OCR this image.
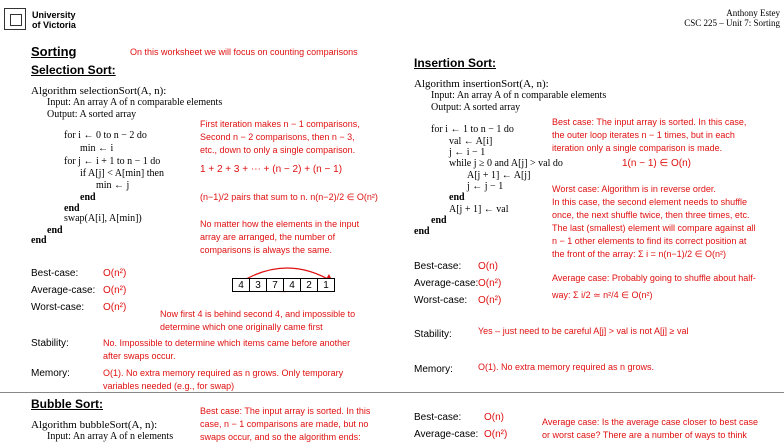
University
of Victoria
Anthony Estey
CSC 225 – Unit 7: Sorting
Sorting	On this worksheet we will focus on counting comparisons
Selection Sort:
Algorithm selectionSort(A, n):
Input: An array A of n comparable elements
Output: A sorted array
for i ← 0 to n − 2 do
min ← i
for j ← i + 1 to n − 1 do
if A[j] < A[min] then
min ← j
end
end
swap(A[i], A[min])
end
end
First iteration makes n − 1 comparisons,
Second n − 2 comparisons, then n − 3,
etc., down to only a single comparison.
1 + 2 + 3 + ⋯ + (n − 2) + (n − 1)
(n−1)/2 pairs that sum to n. n(n−2)/2 ∈ O(n²)
No matter how the elements in the input
array are arranged, the number of
comparisons is always the same.
Best-case: O(n²)
Average-case: O(n²)
Worst-case: O(n²)
4	3	7	4	2	1
Now first 4 is behind second 4, and impossible to
determine which one originally came first
Stability:	No. Impossible to determine which items came before another
after swaps occur.
Memory:	O(1). No extra memory required as n grows. Only temporary
variables needed (e.g., for swap)
Insertion Sort:
Algorithm insertionSort(A, n):
Input: An array A of n comparable elements
Output: A sorted array
for i ← 1 to n − 1 do
val ← A[i]
j ← i − 1
while j ≥ 0 and A[j] > val do
A[j + 1] ← A[j]
j ← j − 1
end
A[j + 1] ← val
end
end
Best case: The input array is sorted. In this case,
the outer loop iterates n − 1 times, but in each
iteration only a single comparison is made.
1(n − 1) ∈ O(n)
Worst case: Algorithm is in reverse order.
In this case, the second element needs to shuffle
once, the next shuffle twice, then three times, etc.
The last (smallest) element will compare against all
n − 1 other elements to find its correct position at
the front of the array: Σ i = n(n−1)/2 ∈ O(n²)
Average case: Probably going to shuffle about half-
way: Σ i/2 ≃ n²/4 ∈ O(n²)
Best-case: O(n)
Average-case: O(n²)
Worst-case: O(n²)
Stability:	Yes – just need to be careful A[j] > val is not A[j] ≥ val
Memory:	O(1). No extra memory required as n grows.
Bubble Sort:
Algorithm bubbleSort(A, n):
Input: An array A of n elements
Best case: The input array is sorted. In this
case, n − 1 comparisons are made, but no
swaps occur, and so the algorithm ends:
Best-case: O(n)
Average-case: O(n²)
Average case: Is the average case closer to best case
or worst case? There are a number of ways to think
